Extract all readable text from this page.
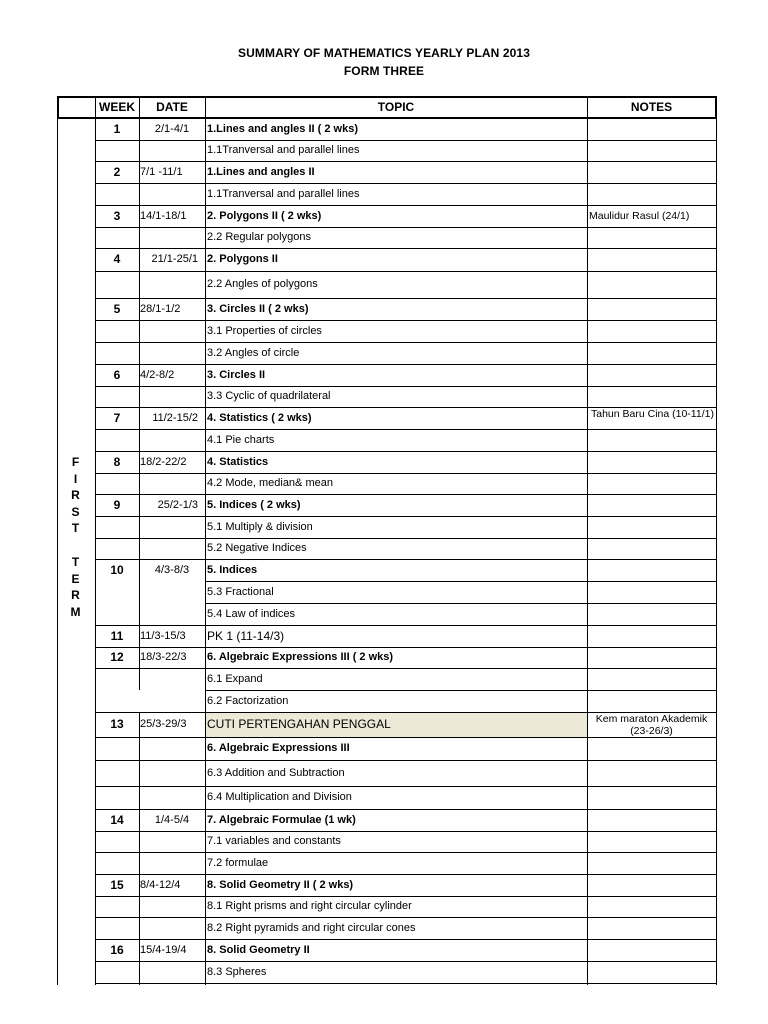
SUMMARY OF MATHEMATICS YEARLY PLAN 2013
FORM THREE
WEEK	DATE	TOPIC	NOTES
1	2/1-4/1	1.Lines and angles II ( 2 wks)
1.1Tranversal and parallel lines
2	7/1 -11/1	1.Lines and angles II
1.1Tranversal and parallel lines
3	14/1-18/1	2. Polygons II ( 2 wks)	Maulidur Rasul (24/1)
2.2 Regular polygons
4	21/1-25/1 2. Polygons II
2.2 Angles of polygons
5	28/1-1/2	3. Circles II ( 2 wks)
3.1 Properties of circles
3.2 Angles of circle
6	4/2-8/2	3. Circles II
3.3 Cyclic of quadrilateral
7	11/2-15/2 4. Statistics ( 2 wks)	Tahun Baru Cina (10-11/1)
4.1 Pie charts
8	18/2-22/2	4. Statistics
4.2 Mode, median& mean
9	25/2-1/3 5. Indices ( 2 wks)
5.1 Multiply & division
5.2 Negative Indices
10	4/3-8/3	5. Indices
5.3 Fractional
5.4 Law of indices
11	11/3-15/3	PK 1 (11-14/3)
12	18/3-22/3	6. Algebraic Expressions III ( 2 wks)
6.1 Expand
6.2 Factorization
13	25/3-29/3	CUTI PERTENGAHAN PENGGAL	Kem maraton Akademik
(23-26/3)
6. Algebraic Expressions III
6.3 Addition and Subtraction
6.4 Multiplication and Division
14	1/4-5/4	7. Algebraic Formulae (1 wk)
7.1 variables and constants
7.2 formulae
15	8/4-12/4	8. Solid Geometry II ( 2 wks)
8.1 Right prisms and right circular cylinder
8.2 Right pyramids and right circular cones
16	15/4-19/4	8. Solid Geometry II
8.3 Spheres
F
I
R
S
T
T
E
R
M
